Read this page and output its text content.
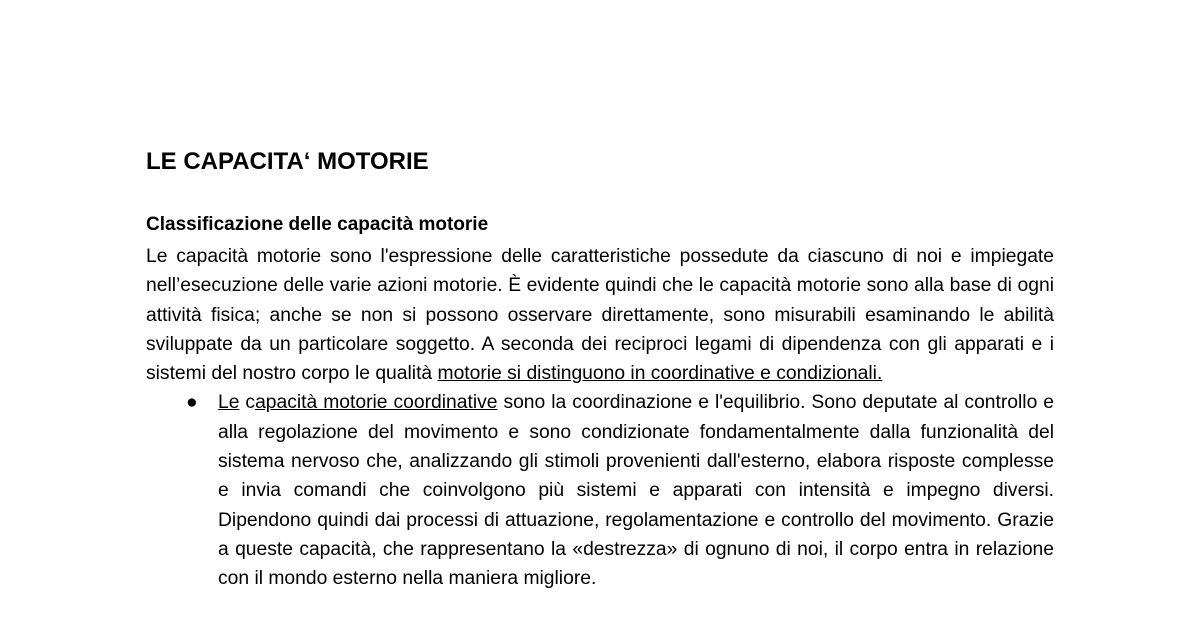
LE CAPACITA‘ MOTORIE
Classificazione delle capacità motorie

Le capacità motorie sono l'espressione delle caratteristiche possedute da ciascuno di noi e impiegate nell’esecuzione delle varie azioni motorie. È evidente quindi che le capacità motorie sono alla base di ogni attività fisica; anche se non si possono osservare direttamente, sono misurabili esaminando le abilità sviluppate da un particolare soggetto. A seconda dei reciproci legami di dipendenza con gli apparati e i sistemi del nostro corpo le qualità motorie si distinguono in coordinative e condizionali.

● Le capacità motorie coordinative sono la coordinazione e l'equilibrio. Sono deputate al controllo e alla regolazione del movimento e sono condizionate fondamentalmente dalla funzionalità del sistema nervoso che, analizzando gli stimoli provenienti dall'esterno, elabora risposte complesse e invia comandi che coinvolgono più sistemi e apparati con intensità e impegno diversi. Dipendono quindi dai processi di attuazione, regolamentazione e controllo del movimento. Grazie a queste capacità, che rappresentano la «destrezza» di ognuno di noi, il corpo entra in relazione con il mondo esterno nella maniera migliore.
